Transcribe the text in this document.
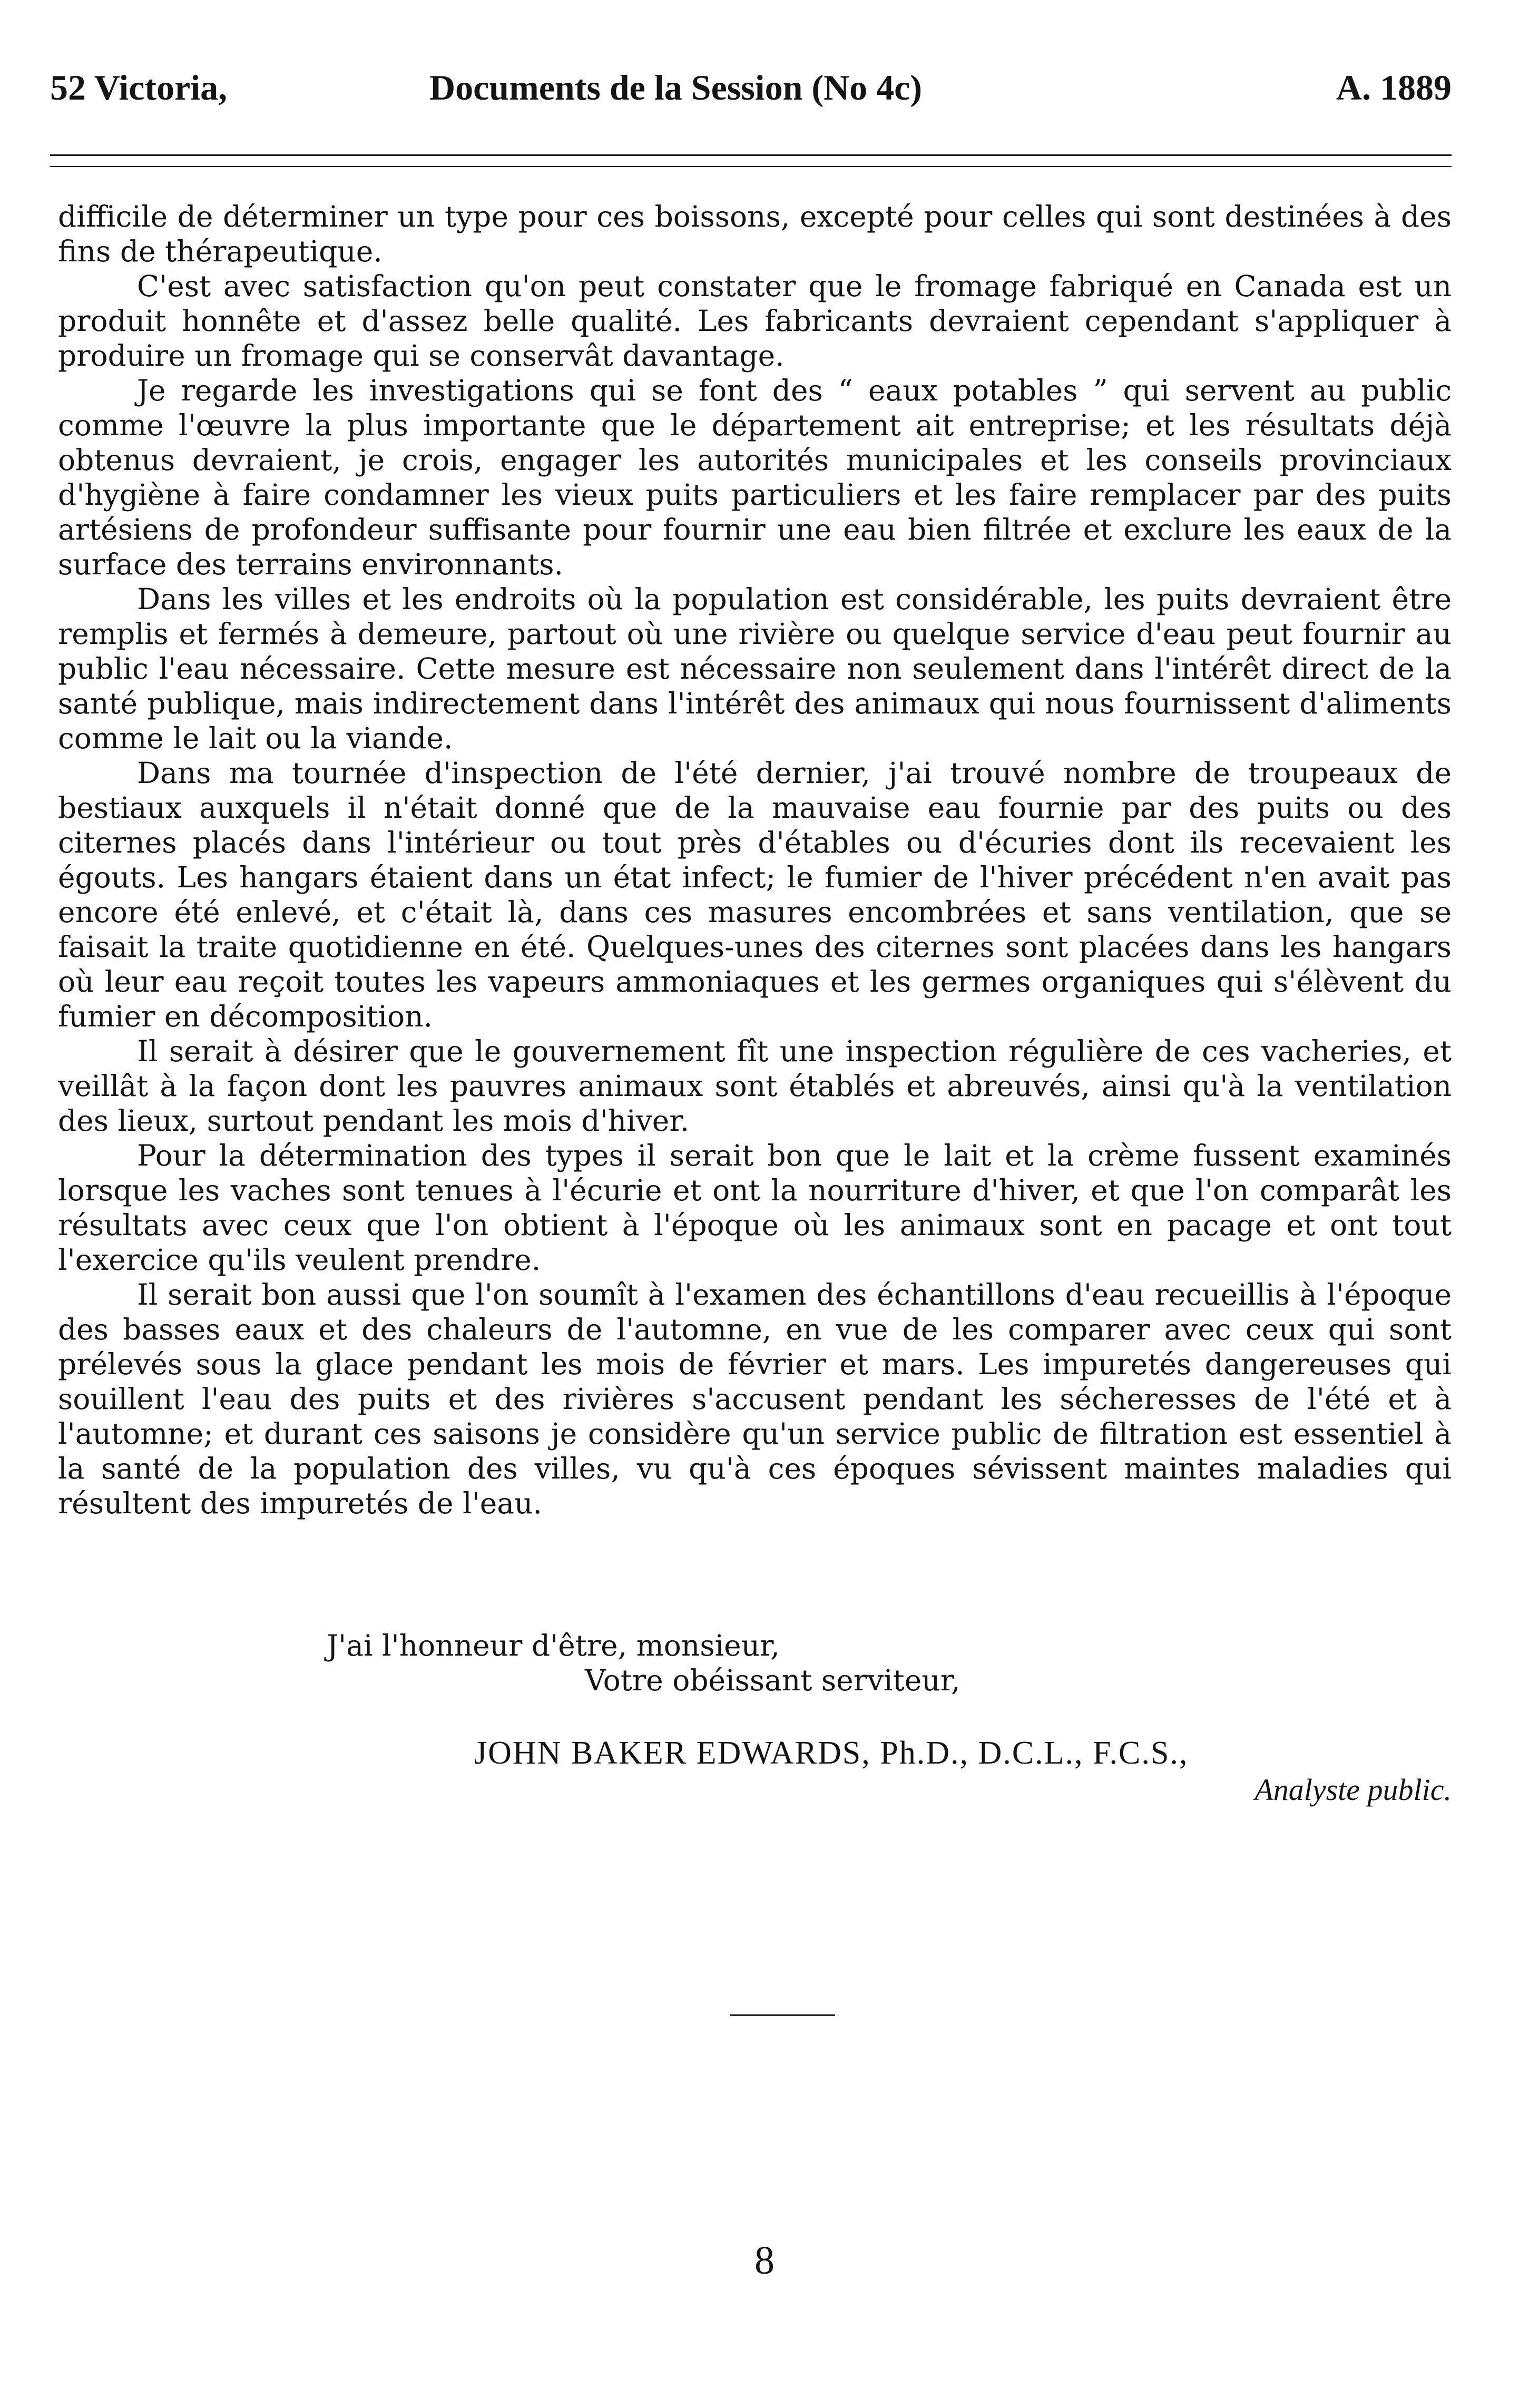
52 Victoria,	Documents de la Session (No 4c)	A. 1889

difficile de déterminer un type pour ces boissons, excepté pour celles qui sont destinées à des fins de thérapeutique.

C'est avec satisfaction qu'on peut constater que le fromage fabriqué en Canada est un produit honnête et d'assez belle qualité. Les fabricants devraient cependant s'appliquer à produire un fromage qui se conservât davantage.

Je regarde les investigations qui se font des “ eaux potables ” qui servent au public comme l'œuvre la plus importante que le département ait entreprise; et les résultats déjà obtenus devraient, je crois, engager les autorités municipales et les conseils provinciaux d'hygiène à faire condamner les vieux puits particuliers et les faire remplacer par des puits artésiens de profondeur suffisante pour fournir une eau bien filtrée et exclure les eaux de la surface des terrains environnants.

Dans les villes et les endroits où la population est considérable, les puits devraient être remplis et fermés à demeure, partout où une rivière ou quelque service d'eau peut fournir au public l'eau nécessaire. Cette mesure est nécessaire non seulement dans l'intérêt direct de la santé publique, mais indirectement dans l'intérêt des animaux qui nous fournissent d'aliments comme le lait ou la viande.

Dans ma tournée d'inspection de l'été dernier, j'ai trouvé nombre de troupeaux de bestiaux auxquels il n'était donné que de la mauvaise eau fournie par des puits ou des citernes placés dans l'intérieur ou tout près d'étables ou d'écuries dont ils recevaient les égouts. Les hangars étaient dans un état infect; le fumier de l'hiver précédent n'en avait pas encore été enlevé, et c'était là, dans ces masures encombrées et sans ventilation, que se faisait la traite quotidienne en été. Quelques-unes des citernes sont placées dans les hangars où leur eau reçoit toutes les vapeurs ammoniaques et les germes organiques qui s'élèvent du fumier en décomposition.

Il serait à désirer que le gouvernement fît une inspection régulière de ces vacheries, et veillât à la façon dont les pauvres animaux sont établés et abreuvés, ainsi qu'à la ventilation des lieux, surtout pendant les mois d'hiver.

Pour la détermination des types il serait bon que le lait et la crème fussent examinés lorsque les vaches sont tenues à l'écurie et ont la nourriture d'hiver, et que l'on comparât les résultats avec ceux que l'on obtient à l'époque où les animaux sont en pacage et ont tout l'exercice qu'ils veulent prendre.

Il serait bon aussi que l'on soumît à l'examen des échantillons d'eau recueillis à l'époque des basses eaux et des chaleurs de l'automne, en vue de les comparer avec ceux qui sont prélevés sous la glace pendant les mois de février et mars. Les impuretés dangereuses qui souillent l'eau des puits et des rivières s'accusent pendant les sécheresses de l'été et à l'automne; et durant ces saisons je considère qu'un service public de filtration est essentiel à la santé de la population des villes, vu qu'à ces époques sévissent maintes maladies qui résultent des impuretés de l'eau.

J'ai l'honneur d'être, monsieur,
Votre obéissant serviteur,
JOHN BAKER EDWARDS, Ph.D., D.C.L., F.C.S.,
Analyste public.
8
